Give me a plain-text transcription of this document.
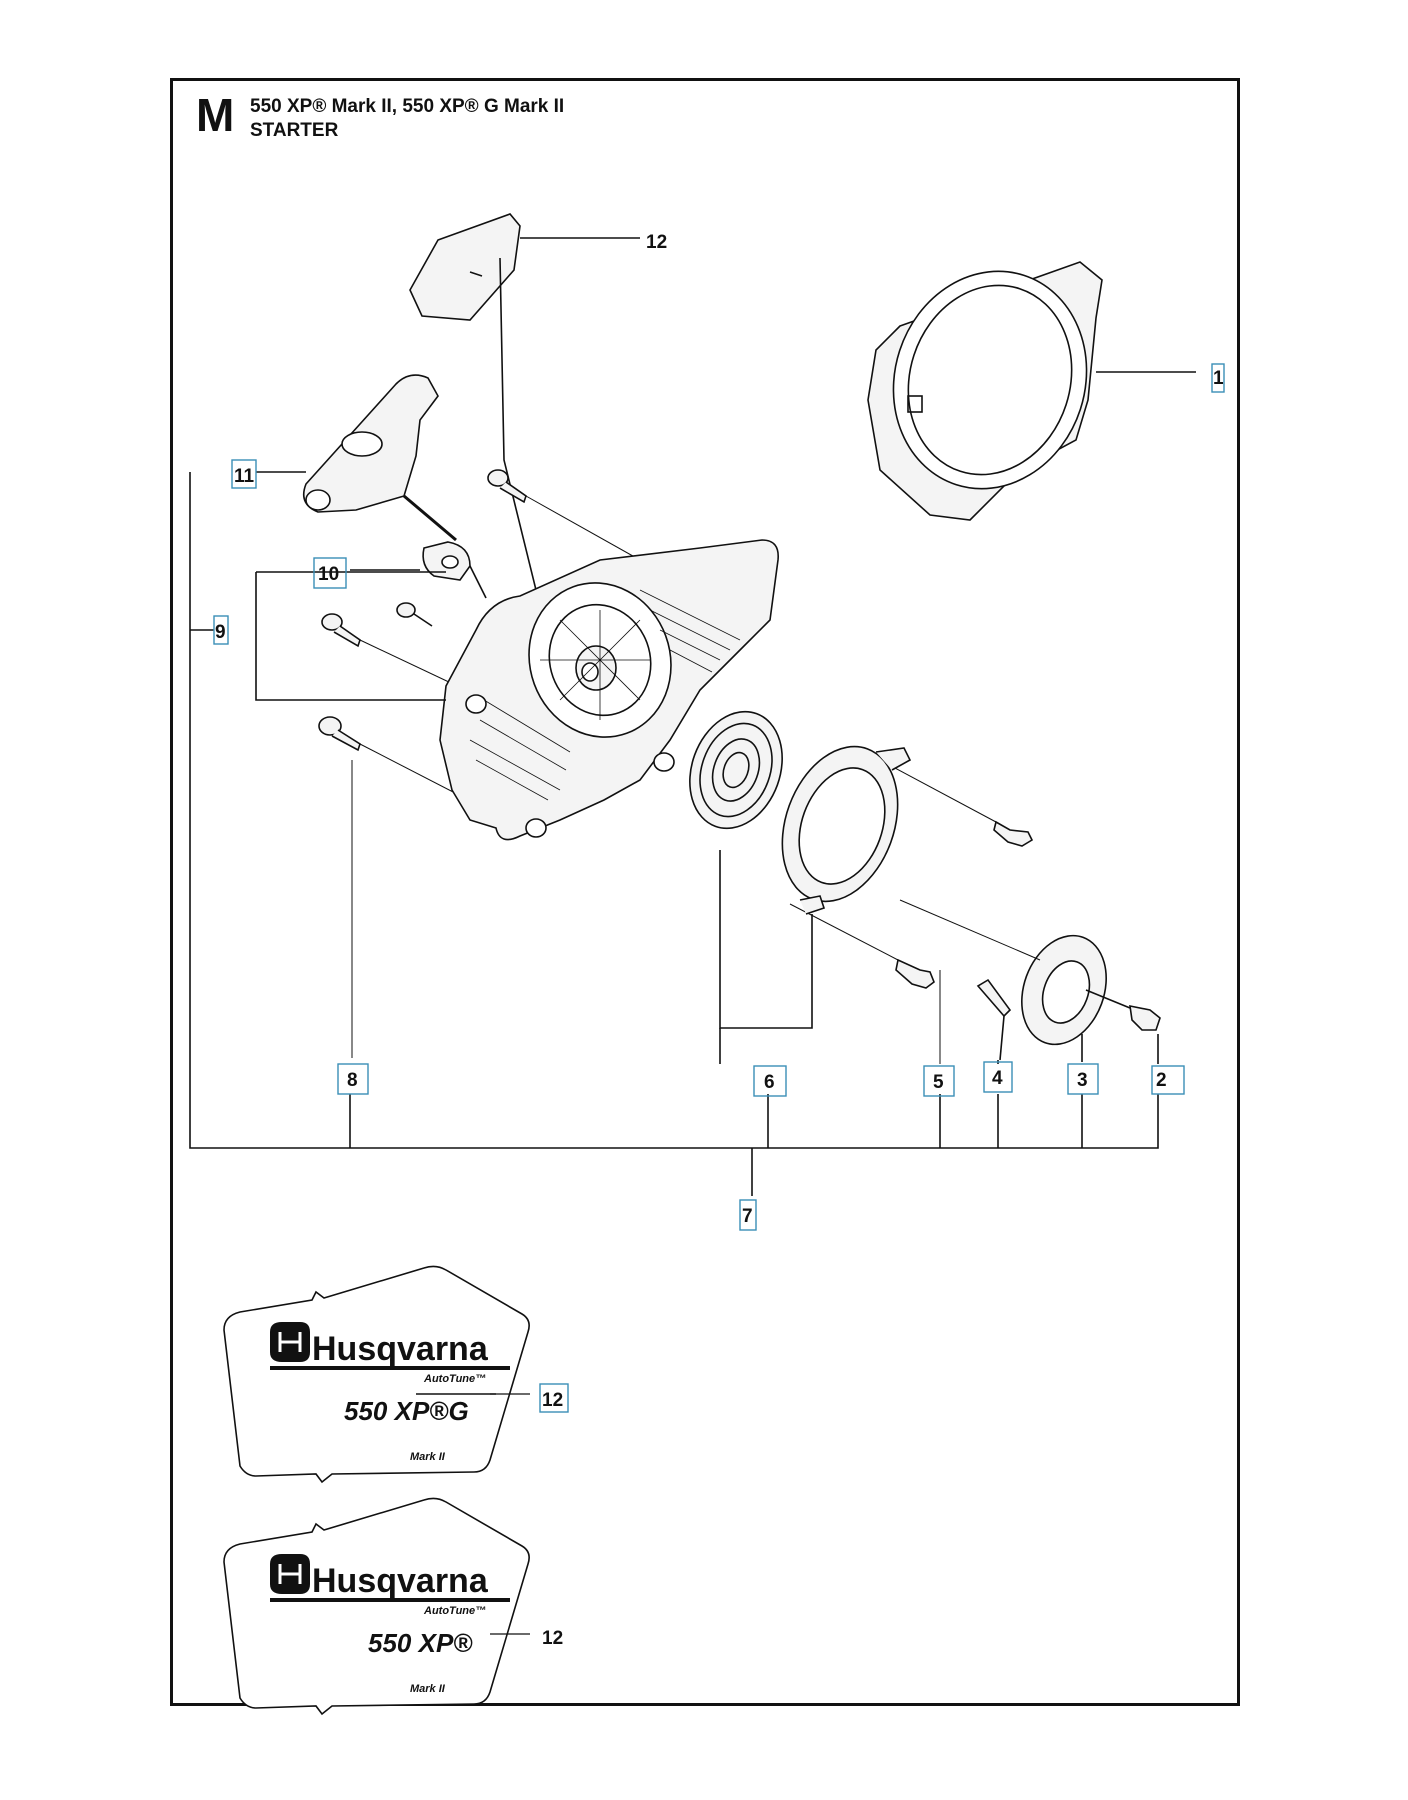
M 550 XP® Mark II, 550 XP® G Mark II
STARTER
12
1
2
3
4
5
6
7
8
9
10
11
12
12
Husqvarna
AutoTune™
550 XP®G
Mark II
Husqvarna
AutoTune™
550 XP®
Mark II
